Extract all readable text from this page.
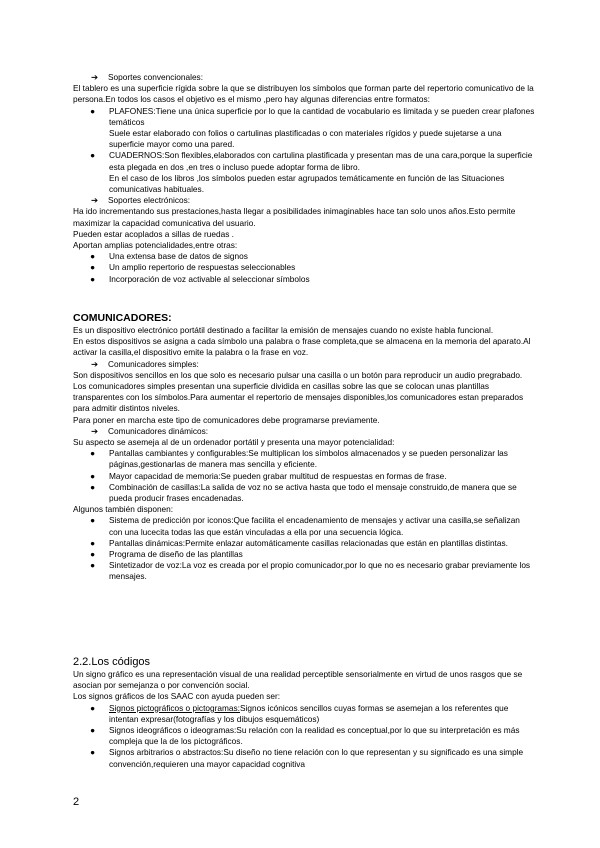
➔	Soportes convencionales:

El tablero es una superficie rígida sobre la que se distribuyen los símbolos que forman parte del repertorio comunicativo de la persona.En todos los casos el objetivo es el mismo ,pero hay algunas diferencias entre formatos:

● PLAFONES:Tiene una única superficie por lo que la cantidad de vocabulario es limitada y se pueden crear plafones temáticos
Suele estar elaborado con folios o cartulinas plastificadas o con materiales rígidos y puede sujetarse a una superficie mayor como una pared.
● CUADERNOS:Son flexibles,elaborados con cartulina plastificada y presentan mas de una cara,porque la superficie esta plegada en dos ,en tres o incluso puede adoptar forma de libro.
En el caso de los libros ,los símbolos pueden estar agrupados temáticamente en función de las Situaciones comunicativas habituales.
➔	Soportes electrónicos:

Ha ido incrementando sus prestaciones,hasta llegar a posibilidades inimaginables hace tan solo unos años.Esto permite maximizar la capacidad comunicativa del usuario.

Pueden estar acoplados a sillas de ruedas .

Aportan amplias potencialidades,entre otras:

● Una extensa base de datos de signos
● Un amplio repertorio de respuestas seleccionables
● Incorporación de voz activable al seleccionar símbolos
COMUNICADORES:

Es un dispositivo electrónico portátil destinado a facilitar la emisión de mensajes cuando no existe habla funcional.

En estos dispositivos se asigna a cada símbolo una palabra o frase completa,que se almacena en la memoria del aparato.Al activar la casilla,el dispositivo emite la palabra o la frase en voz.

➔	Comunicadores simples:

Son dispositivos sencillos en los que solo es necesario pulsar una casilla o un botón para reproducir un audio pregrabado.

Los comunicadores simples presentan una superficie dividida en casillas sobre las que se colocan unas plantillas transparentes con los símbolos.Para aumentar el repertorio de mensajes disponibles,los comunicadores estan preparados para admitir distintos niveles.

Para poner en marcha este tipo de comunicadores debe programarse previamente.

➔	Comunicadores dinámicos:

Su aspecto se asemeja al de un ordenador portátil y presenta una mayor potencialidad:

● Pantallas cambiantes y configurables:Se multiplican los símbolos almacenados y se pueden personalizar las páginas,gestionarlas de manera mas sencilla y eficiente.
● Mayor capacidad de memoria:Se pueden grabar multitud de respuestas en formas de frase.
● Combinación de casillas:La salida de voz no se activa hasta que todo el mensaje construido,de manera que se pueda producir frases encadenadas.

Algunos también disponen:

● Sistema de predicción por iconos:Que facilita el encadenamiento de mensajes y activar una casilla,se señalizan con una lucecita todas las que están vinculadas a ella por una secuencia lógica.
● Pantallas dinámicas:Permite enlazar automáticamente casillas relacionadas que están en plantillas distintas.
● Programa de diseño de las plantillas
● Sintetizador de voz:La voz es creada por el propio comunicador,por lo que no es necesario grabar previamente los mensajes.
2.2.Los códigos

Un signo gráfico es una representación visual de una realidad perceptible sensorialmente en virtud de unos rasgos que se asocian por semejanza o por convención social.

Los signos gráficos de los SAAC con ayuda pueden ser:

● Signos pictográficos o pictogramas:Signos icónicos sencillos cuyas formas se asemejan a los referentes que intentan expresar(fotografías y los dibujos esquemáticos)
● Signos ideográficos o ideogramas:Su relación con la realidad es conceptual,por lo que su interpretación es más compleja que la de los pictográficos.
● Signos arbitrarios o abstractos:Su diseño no tiene relación con lo que representan y su significado es una simple convención,requieren una mayor capacidad cognitiva
2
